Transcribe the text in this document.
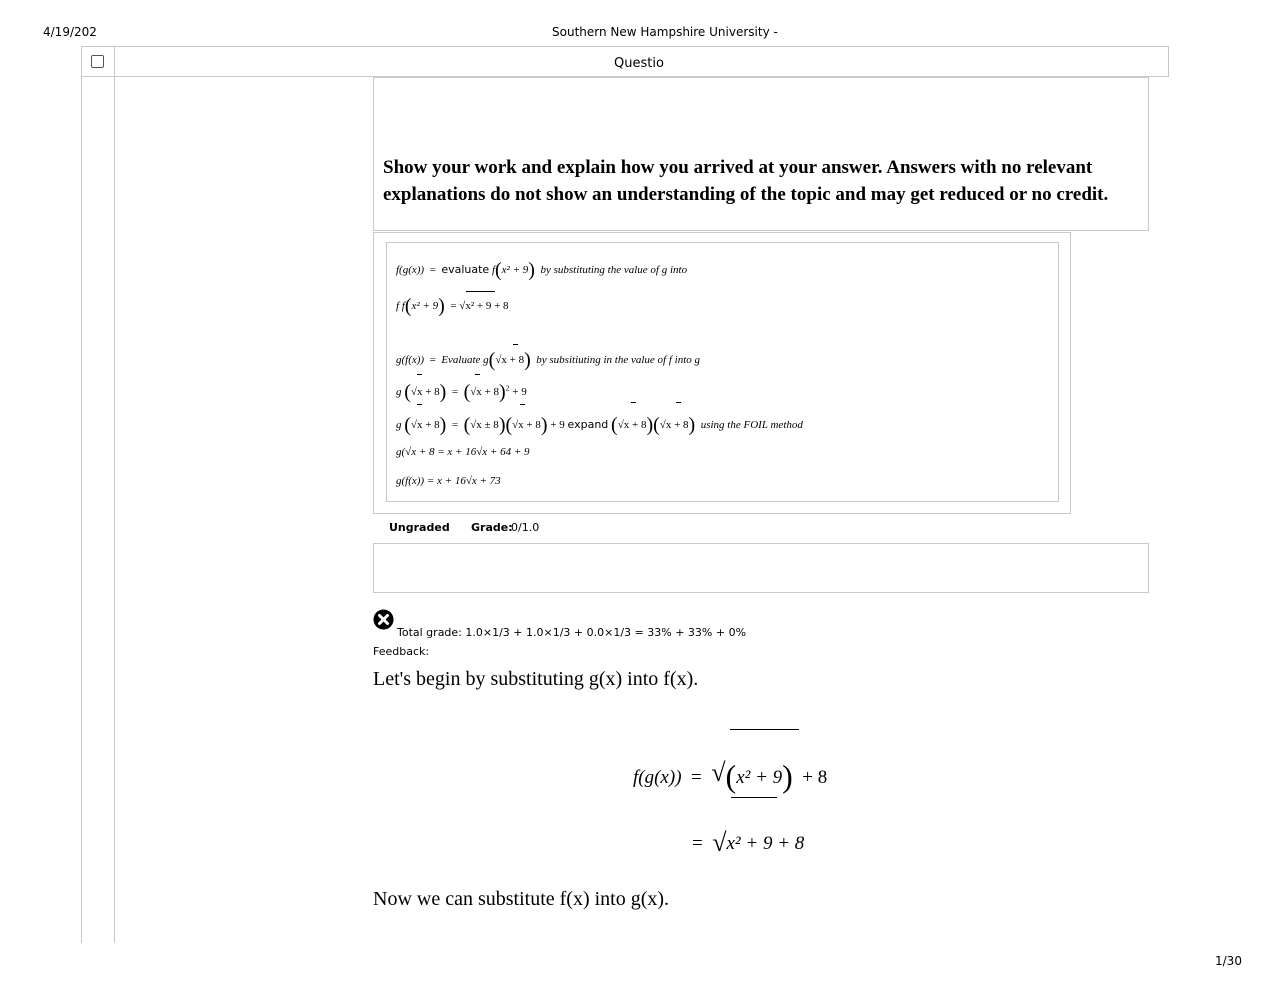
4/19/202	Southern New Hampshire University -
Questio
Show your work and explain how you arrived at your answer. Answers with no relevant
explanations do not show an understanding of the topic and may get reduced or no credit.
f(g(x)) = evaluate f(x² + 9) by substituting the value of g into
f f(x² + 9) = √x² + 9 + 8
g(f(x)) = Evaluate g(√x + 8) by subsitiuting in the value of f into g
g $(√x + 8) = (√x + 8)^2 + 9$
g (√x + 8) = (√x ± 8)(√x + 8) + 9 expand (√x + 8)(√x + 8) using the FOIL method
g(√x + 8 = x + 16√x + 64 + 9
g(f(x)) = x + 16√x + 73
Ungraded Grade:
0/1.0
Total grade: 1.0×1/3 + 1.0×1/3 + 0.0×1/3 = 33% + 33% + 0%
Feedback:
Let's begin by substituting g(x) into f(x).
f(g(x)) = √(x² + 9) + 8
= √x² + 9 + 8
Now we can substitute f(x) into g(x).
1/30
